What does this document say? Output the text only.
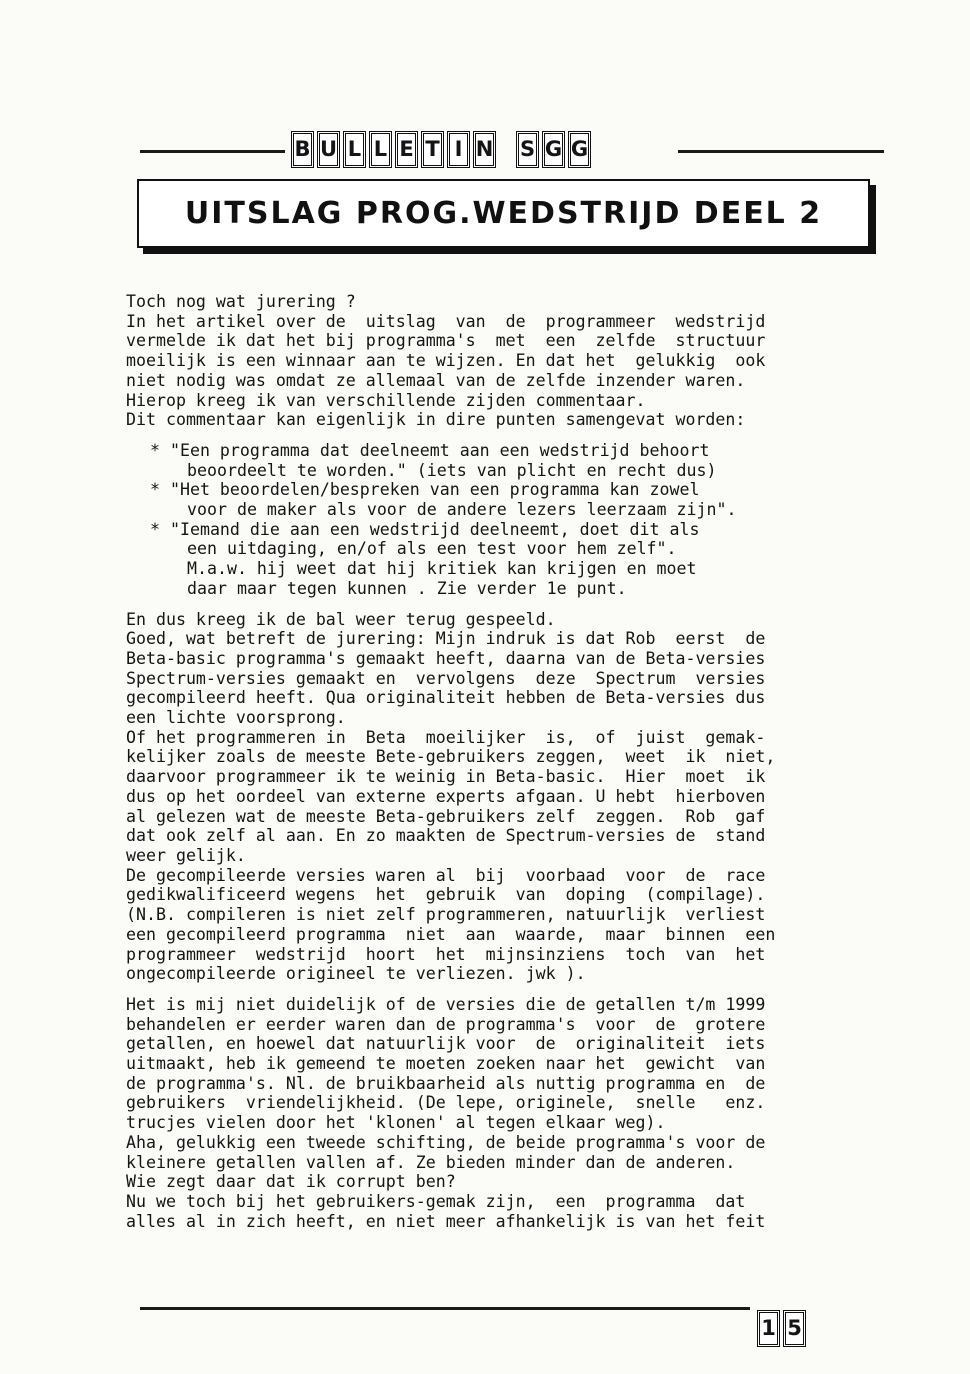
B U L L E T I N S G G
UITSLAG PROG.WEDSTRIJD DEEL 2

Toch nog wat jurering ?

In het artikel over de  uitslag  van  de  programmeer  wedstrijd

vermelde ik dat het bij programma's  met  een  zelfde  structuur

moeilijk is een winnaar aan te wijzen. En dat het  gelukkig  ook

niet nodig was omdat ze allemaal van de zelfde inzender waren.

Hierop kreeg ik van verschillende zijden commentaar.

Dit commentaar kan eigenlijk in dire punten samengevat worden:

* "Een programma dat deelneemt aan een wedstrijd behoort

beoordeelt te worden." (iets van plicht en recht dus)

* "Het beoordelen/bespreken van een programma kan zowel

voor de maker als voor de andere lezers leerzaam zijn".

* "Iemand die aan een wedstrijd deelneemt, doet dit als

een uitdaging, en/of als een test voor hem zelf".

M.a.w. hij weet dat hij kritiek kan krijgen en moet

daar maar tegen kunnen . Zie verder 1e punt.

En dus kreeg ik de bal weer terug gespeeld.

Goed, wat betreft de jurering: Mijn indruk is dat Rob  eerst  de

Beta-basic programma's gemaakt heeft, daarna van de Beta-versies

Spectrum-versies gemaakt en  vervolgens  deze  Spectrum  versies

gecompileerd heeft. Qua originaliteit hebben de Beta-versies dus

een lichte voorsprong.

Of het programmeren in  Beta  moeilijker  is,  of  juist  gemak-

kelijker zoals de meeste Bete-gebruikers zeggen,  weet  ik  niet,

daarvoor programmeer ik te weinig in Beta-basic.  Hier  moet  ik

dus op het oordeel van externe experts afgaan. U hebt  hierboven

al gelezen wat de meeste Beta-gebruikers zelf  zeggen.  Rob  gaf

dat ook zelf al aan. En zo maakten de Spectrum-versies de  stand

weer gelijk.

De gecompileerde versies waren al  bij  voorbaad  voor  de  race

gedikwalificeerd wegens  het  gebruik  van  doping  (compilage).

(N.B. compileren is niet zelf programmeren, natuurlijk  verliest

een gecompileerd programma  niet  aan  waarde,  maar  binnen  een

programmeer  wedstrijd  hoort  het  mijnsinziens  toch  van  het

ongecompileerde origineel te verliezen. jwk ).

Het is mij niet duidelijk of de versies die de getallen t/m 1999

behandelen er eerder waren dan de programma's  voor  de  grotere

getallen, en hoewel dat natuurlijk voor  de  originaliteit  iets

uitmaakt, heb ik gemeend te moeten zoeken naar het  gewicht  van

de programma's. Nl. de bruikbaarheid als nuttig programma en  de

gebruikers  vriendelijkheid. (De lepe, originele,  snelle   enz.

trucjes vielen door het 'klonen' al tegen elkaar weg).

Aha, gelukkig een tweede schifting, de beide programma's voor de

kleinere getallen vallen af. Ze bieden minder dan de anderen.

Wie zegt daar dat ik corrupt ben?

Nu we toch bij het gebruikers-gemak zijn,  een  programma  dat

alles al in zich heeft, en niet meer afhankelijk is van het feit

1 5
